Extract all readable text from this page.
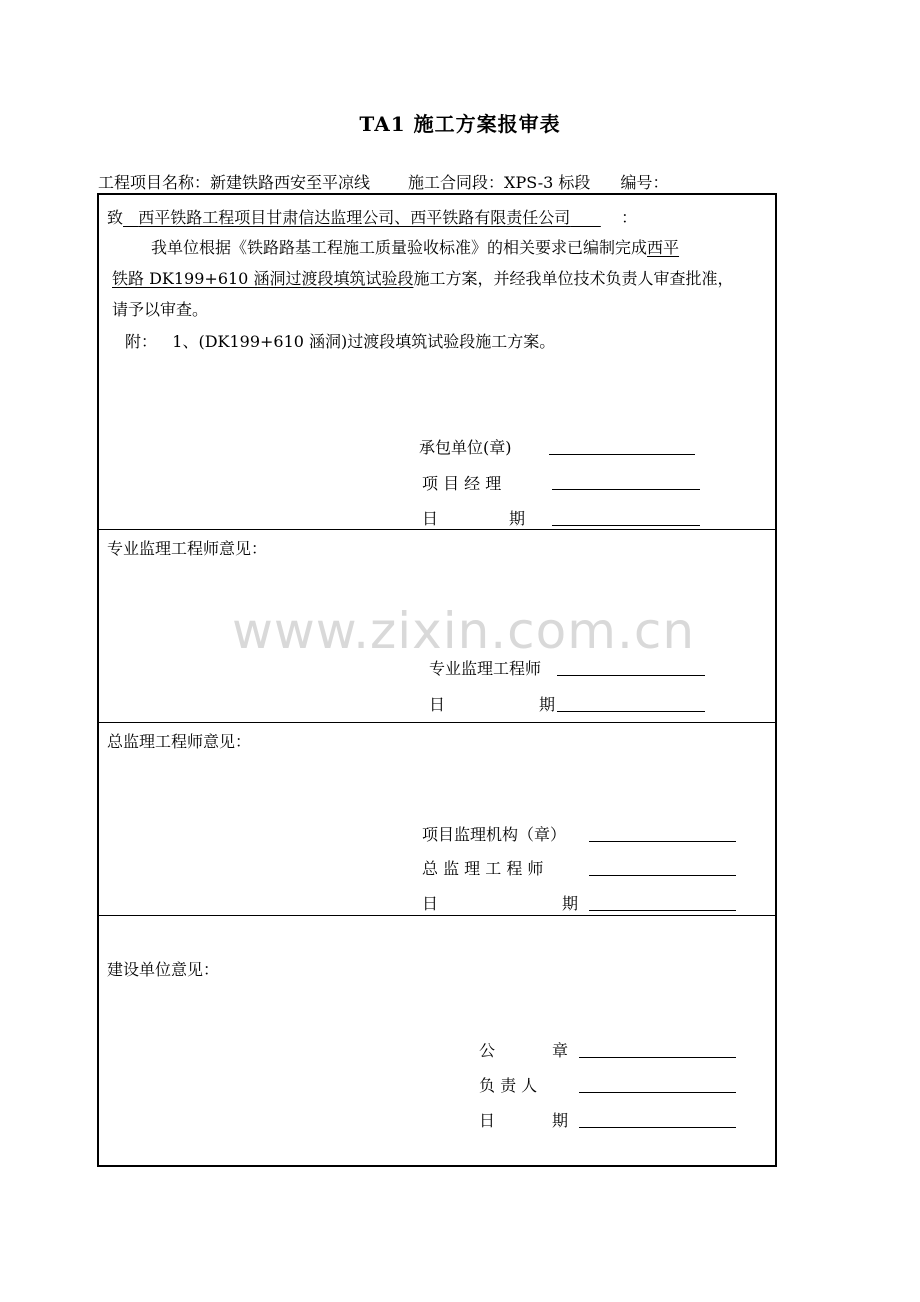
TA1 施工方案报审表
工程项目名称：新建铁路西安至平凉线 施工合同段：XPS-3 标段 编号：
致 西平铁路工程项目甘肃信达监理公司、西平铁路有限责任公司	：
我单位根据《铁路路基工程施工质量验收标准》的相关要求已编制完成西平
铁路 DK199+610 涵洞过渡段填筑试验段施工方案，并经我单位技术负责人审查批准，
请予以审查。
附： 1、(DK199+610 涵洞)过渡段填筑试验段施工方案。
承包单位(章)
项 目 经 理
日	期
专业监理工程师意见：
专业监理工程师
日	期
总监理工程师意见：
项目监理机构（章）
总 监 理 工 程 师
日	期
建设单位意见：
公	章
负 责 人
日	期
www.zixin.com.cn
